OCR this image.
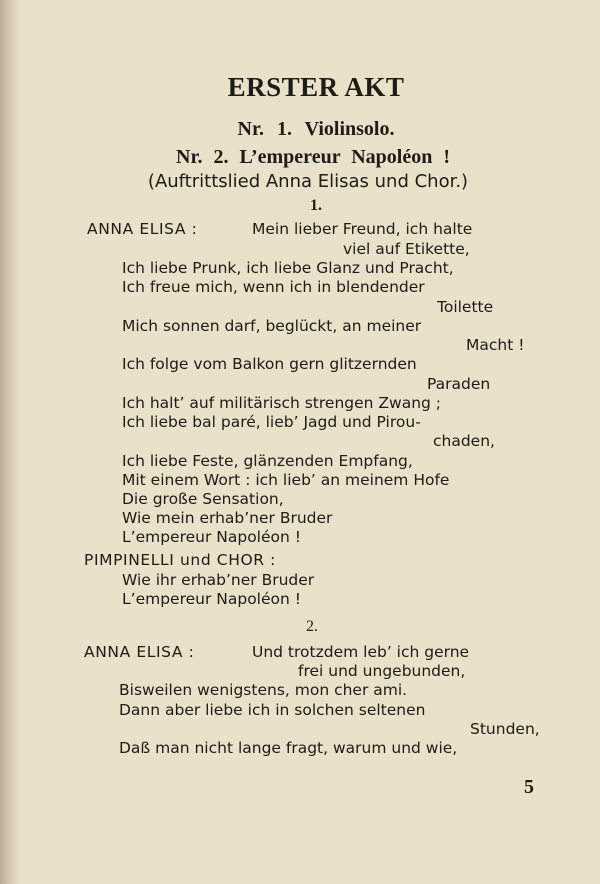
ERSTER AKT
Nr. 1. Violinsolo.
Nr. 2. L’empereur Napoléon !
(Auftrittslied Anna Elisas und Chor.)
1.
ANNA ELISA :	Mein lieber Freund, ich halte
viel auf Etikette,
Ich liebe Prunk, ich liebe Glanz und Pracht,
Ich freue mich, wenn ich in blendender
Toilette
Mich sonnen darf, beglückt, an meiner
Macht !
Ich folge vom Balkon gern glitzernden
Paraden
Ich halt’ auf militärisch strengen Zwang ;
Ich liebe bal paré, lieb’ Jagd und Pirou-
chaden,
Ich liebe Feste, glänzenden Empfang,
Mit einem Wort : ich lieb’ an meinem Hofe
Die große Sensation,
Wie mein erhab’ner Bruder
L’empereur Napoléon !
PIMPINELLI und CHOR :
Wie ihr erhab’ner Bruder
L’empereur Napoléon !
2.
ANNA ELISA :	Und trotzdem leb’ ich gerne
frei und ungebunden,
Bisweilen wenigstens, mon cher ami.
Dann aber liebe ich in solchen seltenen
Stunden,
Daß man nicht lange fragt, warum und wie,
5
